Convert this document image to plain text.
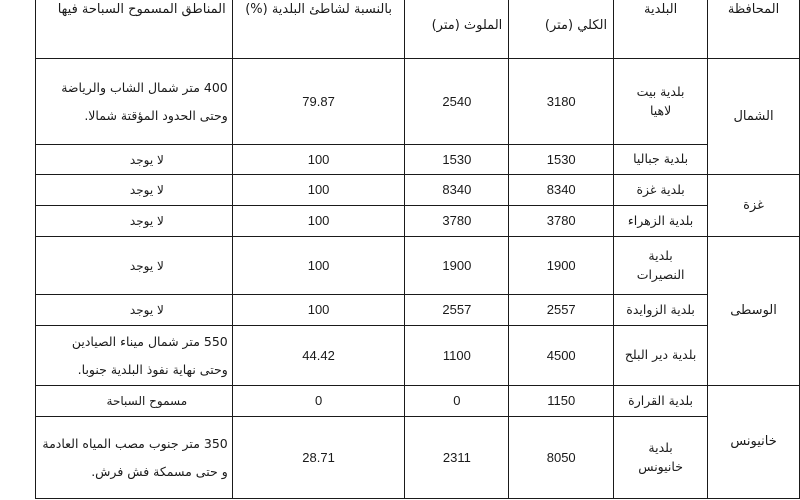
المحافظة	البلدية	الكلي (متر)	الملوث (متر)	بالنسبة لشاطئ البلدية (%)	المناطق المسموح السباحة فيها
الشمال	بلدية بيت لاهيا	3180	2540	79.87	400 متر شمال الشاب والرياضة وحتى الحدود المؤقتة شمالا.
	بلدية جباليا	1530	1530	100	لا يوجد
غزة	بلدية غزة	8340	8340	100	لا يوجد
	بلدية الزهراء	3780	3780	100	لا يوجد
الوسطى	بلدية النصيرات	1900	1900	100	لا يوجد
	بلدية الزوايدة	2557	2557	100	لا يوجد
	بلدية دير البلح	4500	1100	44.42	550 متر شمال ميناء الصيادين وحتى نهاية نفوذ البلدية جنوبا.
خانيونس	بلدية القرارة	1150	0	0	مسموح السباحة
	بلدية خانيونس	8050	2311	28.71	350 متر جنوب مصب المياه العادمة و حتى مسمكة فش فرش.
